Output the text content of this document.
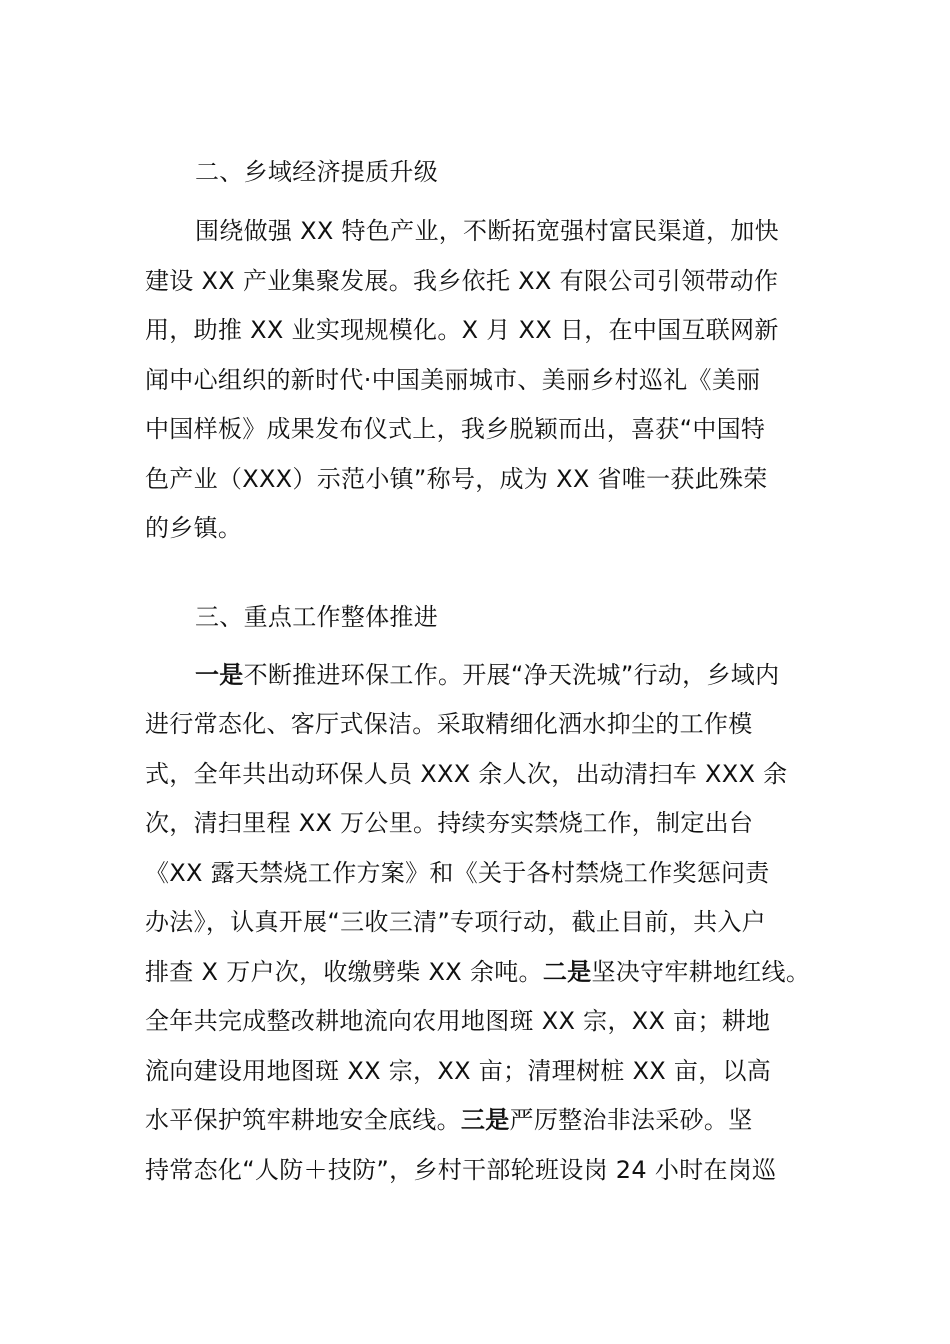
二、乡域经济提质升级
围绕做强 XX 特色产业，不断拓宽强村富民渠道，加快
建设 XX 产业集聚发展。我乡依托 XX 有限公司引领带动作
用，助推 XX 业实现规模化。X 月 XX 日，在中国互联网新
闻中心组织的新时代·中国美丽城市、美丽乡村巡礼《美丽
中国样板》成果发布仪式上，我乡脱颖而出，喜获“中国特
色产业（XXX）示范小镇”称号，成为 XX 省唯一获此殊荣
的乡镇。
三、重点工作整体推进
一是不断推进环保工作。开展“净天洗城”行动，乡域内
进行常态化、客厅式保洁。采取精细化洒水抑尘的工作模
式，全年共出动环保人员 XXX 余人次，出动清扫车 XXX 余
次，清扫里程 XX 万公里。持续夯实禁烧工作，制定出台
《XX 露天禁烧工作方案》和《关于各村禁烧工作奖惩问责
办法》，认真开展“三收三清”专项行动，截止目前，共入户
排查 X 万户次，收缴劈柴 XX 余吨。二是坚决守牢耕地红线。
全年共完成整改耕地流向农用地图斑 XX 宗，XX 亩；耕地
流向建设用地图斑 XX 宗，XX 亩；清理树桩 XX 亩，以高
水平保护筑牢耕地安全底线。三是严厉整治非法采砂。坚
持常态化“人防＋技防”，乡村干部轮班设岗 24 小时在岗巡
